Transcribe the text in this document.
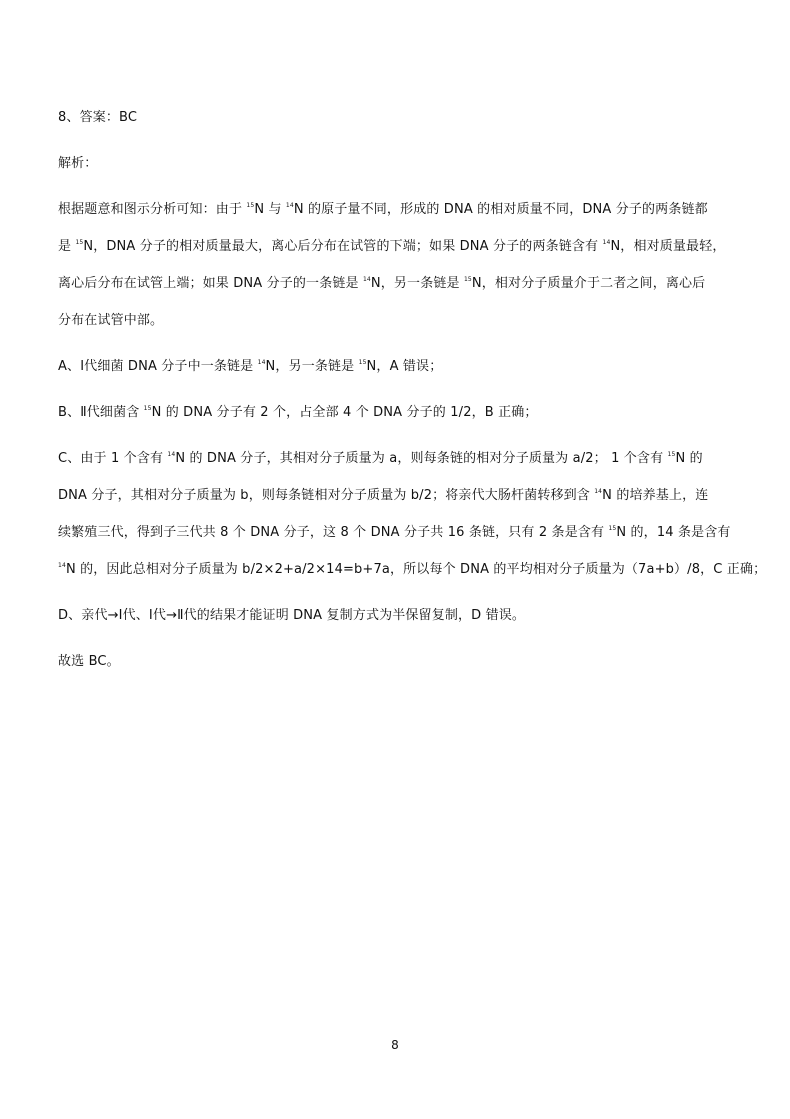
8、答案：BC

解析：

根据题意和图示分析可知：由于 $^{15}$N 与 $^{14}$N 的原子量不同，形成的 DNA 的相对质量不同，DNA 分子的两条链都

是 $^{15}$N，DNA 分子的相对质量最大，离心后分布在试管的下端；如果 DNA 分子的两条链含有 $^{14}$N，相对质量最轻，

离心后分布在试管上端；如果 DNA 分子的一条链是 $^{14}$N，另一条链是 $^{15}$N，相对分子质量介于二者之间，离心后

分布在试管中部。

A、Ⅰ代细菌 DNA 分子中一条链是 $^{14}$N，另一条链是 $^{15}$N，A 错误；

B、Ⅱ代细菌含 $^{15}$N 的 DNA 分子有 2 个，占全部 4 个 DNA 分子的 1/2，B 正确；

C、由于 1 个含有 $^{14}$N 的 DNA 分子，其相对分子质量为 a，则每条链的相对分子质量为 a/2； 1 个含有 $^{15}$N 的

DNA 分子，其相对分子质量为 b，则每条链相对分子质量为 b/2；将亲代大肠杆菌转移到含 $^{14}$N 的培养基上，连

续繁殖三代，得到子三代共 8 个 DNA 分子，这 8 个 DNA 分子共 16 条链，只有 2 条是含有 $^{15}$N 的，14 条是含有

$^{14}$N 的，因此总相对分子质量为 b/2×2+a/2×14=b+7a，所以每个 DNA 的平均相对分子质量为（7a+b）/8，C 正确；

D、亲代→Ⅰ代、Ⅰ代→Ⅱ代的结果才能证明 DNA 复制方式为半保留复制，D 错误。

故选 BC。

8
